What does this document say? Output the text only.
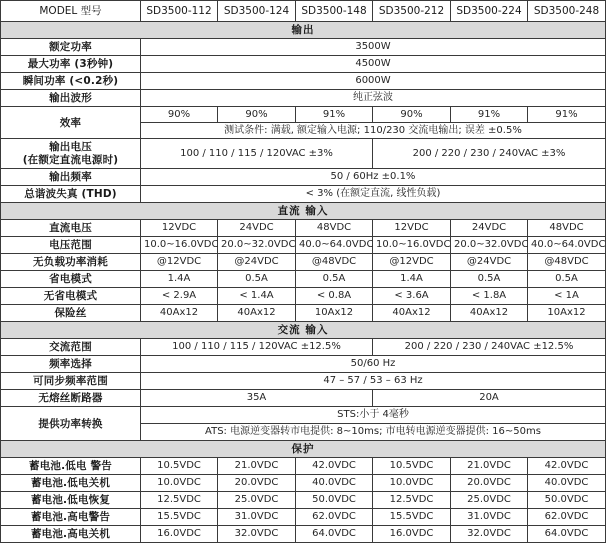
MODEL 型号	SD3500-112	SD3500-124	SD3500-148	SD3500-212	SD3500-224	SD3500-248
输出						
额定功率	3500W					
最大功率 (3秒钟)	4500W					
瞬间功率 (<0.2秒)	6000W					
输出波形	纯正弦波					
效率	90%	90%	91%	90%	91%	91%
	测试条件: 满载, 额定输入电源; 110/230 交流电输出; 误差 ±0.5%					

输出电压
(在额定直流电源时)	100 / 110 / 115 / 120VAC ±3%			200 / 220 / 230 / 240VAC ±3%		
输出频率	50 / 60Hz ±0.1%					
总谐波失真 (THD)	< 3% (在额定直流, 线性负载)					
直流 输入						
直流电压	12VDC	24VDC	48VDC	12VDC	24VDC	48VDC
电压范围	10.0~16.0VDC	20.0~32.0VDC	40.0~64.0VDC	10.0~16.0VDC	20.0~32.0VDC	40.0~64.0VDC
无负载功率消耗	@12VDC	@24VDC	@48VDC	@12VDC	@24VDC	@48VDC
省电模式	1.4A	0.5A	0.5A	1.4A	0.5A	0.5A
无省电模式	< 2.9A	< 1.4A	< 0.8A	< 3.6A	< 1.8A	< 1A
保险丝	40Ax12	40Ax12	10Ax12	40Ax12	40Ax12	10Ax12
交流 输入						
交流范围	100 / 110 / 115 / 120VAC ±12.5%			200 / 220 / 230 / 240VAC ±12.5%		
频率选择	50/60 Hz					
可同步频率范围	47 – 57 / 53 – 63 Hz					
无熔丝断路器	35A			20A		
提供功率转换	STS:小于 4毫秒					
	ATS: 电源逆变器转市电提供: 8~10ms; 市电转电源逆变器提供: 16~50ms					
保护						
蓄电池.低电 警告	10.5VDC	21.0VDC	42.0VDC	10.5VDC	21.0VDC	42.0VDC
蓄电池.低电关机	10.0VDC	20.0VDC	40.0VDC	10.0VDC	20.0VDC	40.0VDC
蓄电池.低电恢复	12.5VDC	25.0VDC	50.0VDC	12.5VDC	25.0VDC	50.0VDC
蓄电池.高电警告	15.5VDC	31.0VDC	62.0VDC	15.5VDC	31.0VDC	62.0VDC
蓄电池.高电关机	16.0VDC	32.0VDC	64.0VDC	16.0VDC	32.0VDC	64.0VDC
